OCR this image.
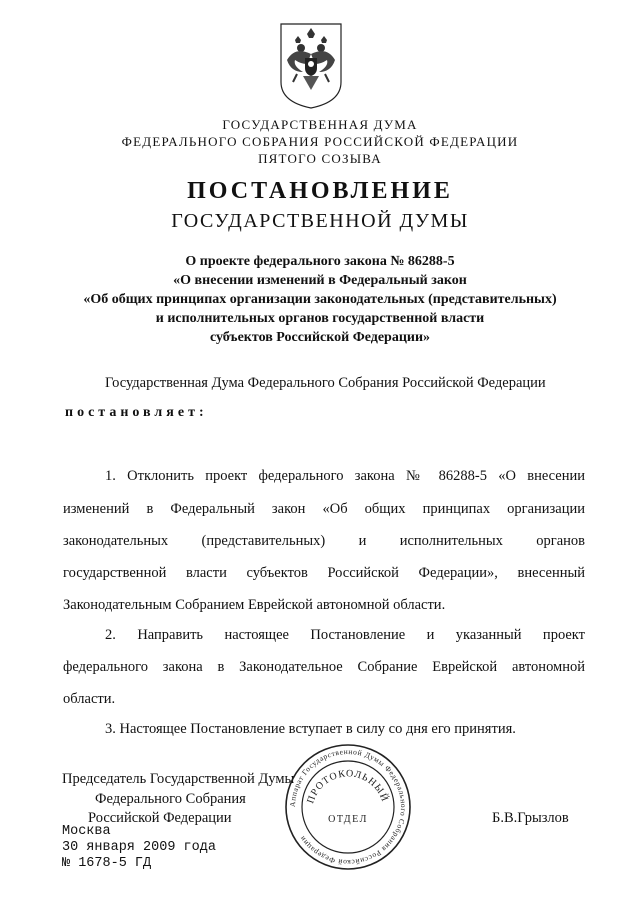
ГОСУДАРСТВЕННАЯ ДУМА
ФЕДЕРАЛЬНОГО СОБРАНИЯ РОССИЙСКОЙ ФЕДЕРАЦИИ
ПЯТОГО СОЗЫВА
ПОСТАНОВЛЕНИЕ
ГОСУДАРСТВЕННОЙ ДУМЫ
О проекте федерального закона № 86288-5
«О внесении изменений в Федеральный закон
«Об общих принципах организации законодательных (представительных)
и исполнительных органов государственной власти
субъектов Российской Федерации»
Государственная Дума Федерального Собрания Российской Федерации
постановляет:
1. Отклонить проект федерального закона № 86288-5 «О внесении
изменений в Федеральный закон «Об общих принципах организации
законодательных (представительных) и исполнительных органов
государственной власти субъектов Российской Федерации», внесенный
Законодательным Собранием Еврейской автономной области.
2. Направить настоящее Постановление и указанный проект
федерального закона в Законодательное Собрание Еврейской автономной
области.
3. Настоящее Постановление вступает в силу со дня его принятия.
Председатель Государственной Думы
Федерального Собрания
Российской Федерации	Б.В.Грызлов
Аппарат Государственной Думы Федерального Собрания Российской Федерации
ПРОТОКОЛЬНЫЙ
ОТДЕЛ
Москва
30 января 2009 года
№ 1678-5 ГД
